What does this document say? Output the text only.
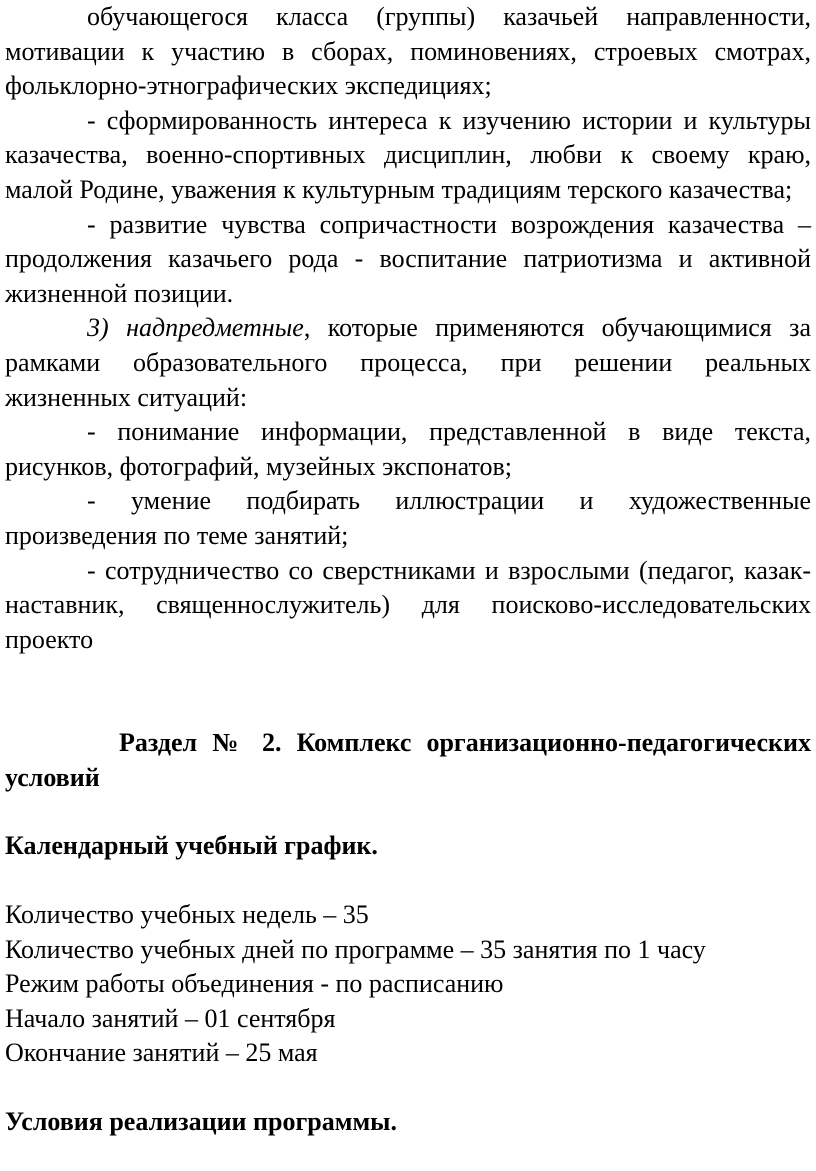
обучающегося класса (группы) казачьей направленности, мотивации к участию в сборах, поминовениях, строевых смотрах, фольклорно-этнографических экспедициях;

- сформированность интереса к изучению истории и культуры казачества, военно-спортивных дисциплин, любви к своему краю, малой Родине, уважения к культурным традициям терского казачества;

- развитие чувства сопричастности возрождения казачества – продолжения казачьего рода - воспитание патриотизма и активной жизненной позиции.

3) надпредметные, которые применяются обучающимися за рамками образовательного процесса, при решении реальных жизненных ситуаций:

- понимание информации, представленной в виде текста, рисунков, фотографий, музейных экспонатов;

- умение подбирать иллюстрации и художественные произведения по теме занятий;

- сотрудничество со сверстниками и взрослыми (педагог, казак-наставник, священнослужитель) для поисково-исследовательских проекто

Раздел № 2. Комплекс организационно-педагогических условий

Календарный учебный график.

Количество учебных недель – 35

Количество учебных дней по программе – 35 занятия по 1 часу

Режим работы объединения - по расписанию

Начало занятий – 01 сентября

Окончание занятий – 25 мая

Условия реализации программы.
